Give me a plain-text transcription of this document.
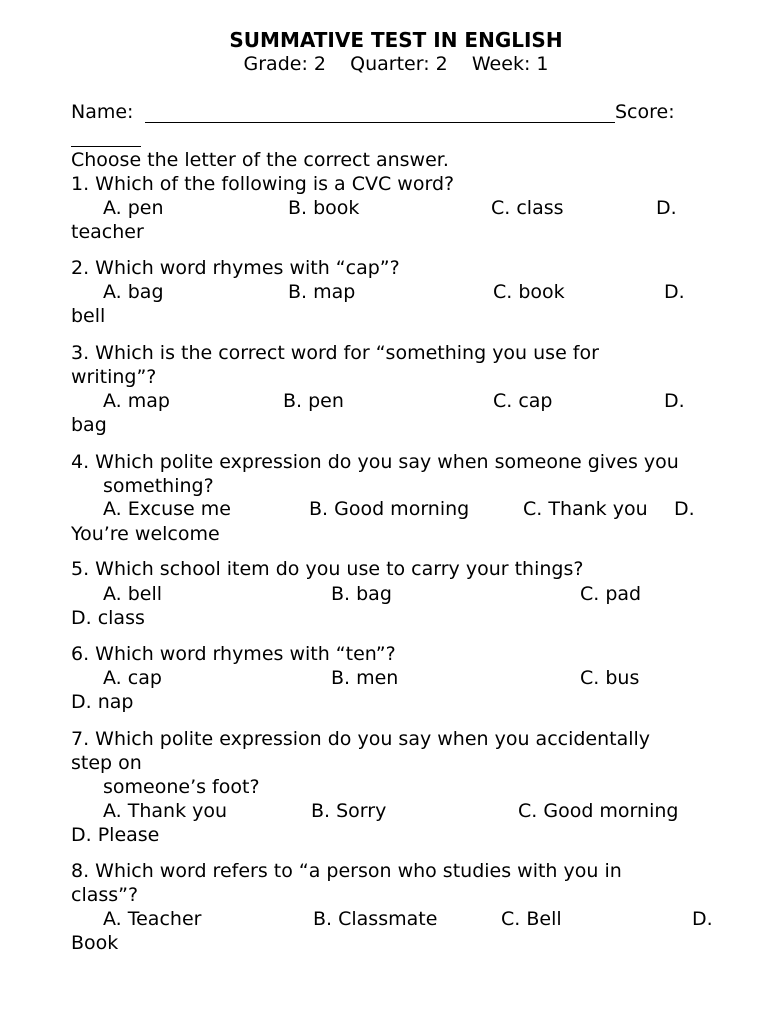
SUMMATIVE TEST IN ENGLISH
Grade: 2    Quarter: 2    Week: 1
Name:	Score:
Choose the letter of the correct answer.
1. Which of the following is a CVC word?
A. pen	B. book	C. class	D.
teacher
2. Which word rhymes with “cap”?
A. bag	B. map	C. book	D.
bell
3. Which is the correct word for “something you use for
writing”?
A. map	B. pen	C. cap	D.
bag
4. Which polite expression do you say when someone gives you
something?
A. Excuse me	B. Good morning	C. Thank you D.
You’re welcome
5. Which school item do you use to carry your things?
A. bell	B. bag	C. pad
D. class
6. Which word rhymes with “ten”?
A. cap	B. men	C. bus
D. nap
7. Which polite expression do you say when you accidentally
step on
someone’s foot?
A. Thank you	B. Sorry	C. Good morning
D. Please
8. Which word refers to “a person who studies with you in
class”?
A. Teacher	B. Classmate	C. Bell	D.
Book
